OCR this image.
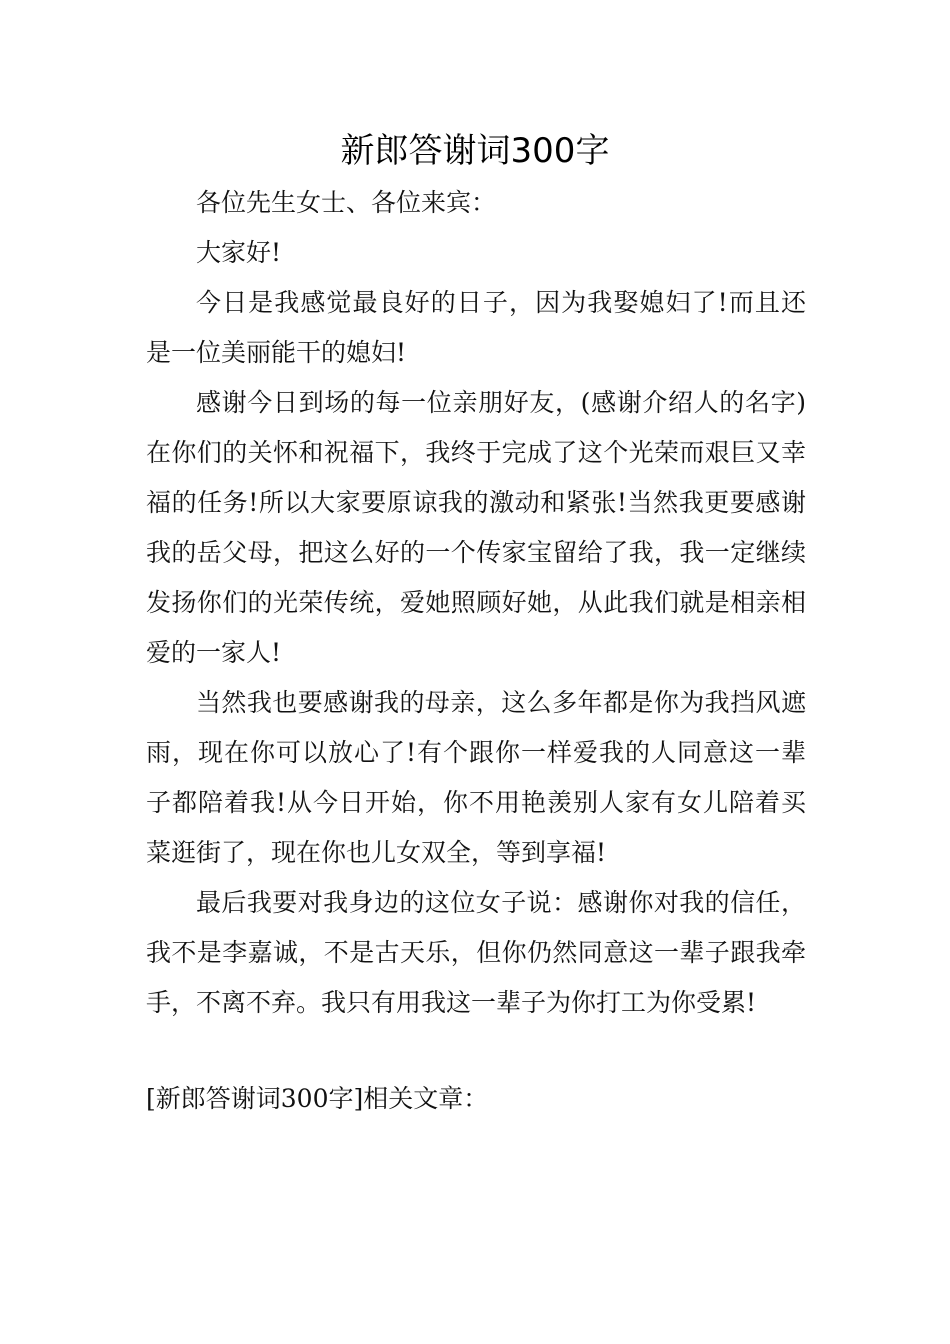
新郎答谢词300字

各位先生女士、各位来宾：

大家好!

今日是我感觉最良好的日子，因为我娶媳妇了!而且还是一位美丽能干的媳妇!

感谢今日到场的每一位亲朋好友，(感谢介绍人的名字)在你们的关怀和祝福下，我终于完成了这个光荣而艰巨又幸福的任务!所以大家要原谅我的激动和紧张!当然我更要感谢我的岳父母，把这么好的一个传家宝留给了我，我一定继续发扬你们的光荣传统，爱她照顾好她，从此我们就是相亲相爱的一家人!

当然我也要感谢我的母亲，这么多年都是你为我挡风遮雨，现在你可以放心了!有个跟你一样爱我的人同意这一辈子都陪着我!从今日开始，你不用艳羡别人家有女儿陪着买菜逛街了，现在你也儿女双全，等到享福!

最后我要对我身边的这位女子说：感谢你对我的信任，我不是李嘉诚，不是古天乐，但你仍然同意这一辈子跟我牵手，不离不弃。我只有用我这一辈子为你打工为你受累!

[新郎答谢词300字]相关文章：
